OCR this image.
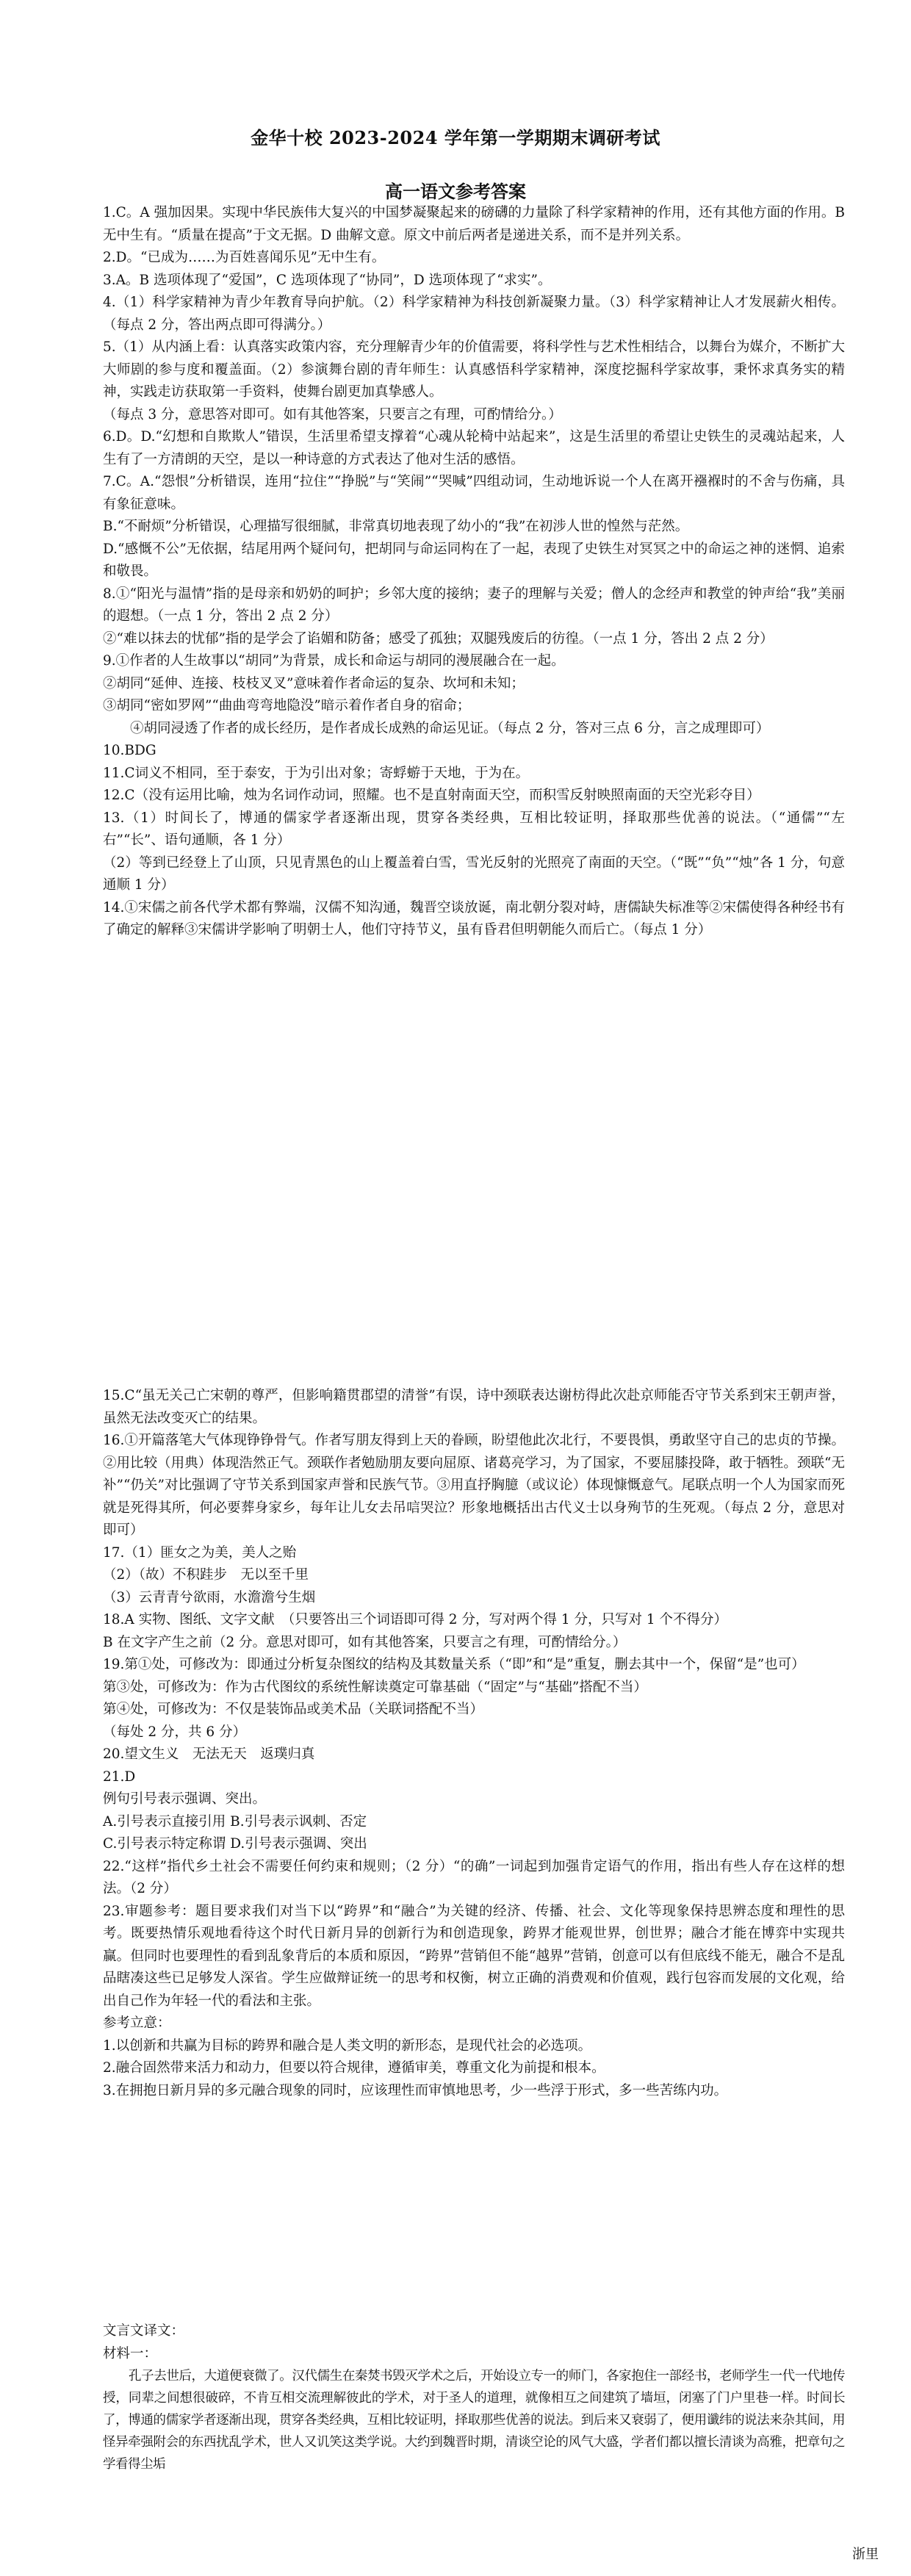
金华十校 2023-2024 学年第一学期期末调研考试

高一语文参考答案

1.C。A 强加因果。实现中华民族伟大复兴的中国梦凝聚起来的磅礴的力量除了科学家精神的作用，还有其他方面的作用。B 无中生有。“质量在提高”于文无据。D 曲解文意。原文中前后两者是递进关系，而不是并列关系。

2.D。“已成为……为百姓喜闻乐见”无中生有。

3.A。B 选项体现了“爱国”，C 选项体现了“协同”，D 选项体现了“求实”。

4.（1）科学家精神为青少年教育导向护航。（2）科学家精神为科技创新凝聚力量。（3）科学家精神让人才发展薪火相传。（每点 2 分，答出两点即可得满分。）

5.（1）从内涵上看：认真落实政策内容，充分理解青少年的价值需要，将科学性与艺术性相结合，以舞台为媒介，不断扩大大师剧的参与度和覆盖面。（2）参演舞台剧的青年师生：认真感悟科学家精神，深度挖掘科学家故事，秉怀求真务实的精神，实践走访获取第一手资料，使舞台剧更加真挚感人。

（每点 3 分，意思答对即可。如有其他答案，只要言之有理，可酌情给分。）

6.D。D.“幻想和自欺欺人”错误，生活里希望支撑着“心魂从轮椅中站起来”，这是生活里的希望让史铁生的灵魂站起来，人生有了一方清朗的天空，是以一种诗意的方式表达了他对生活的感悟。

7.C。A.“怨恨”分析错误，连用“拉住”“挣脱”与“笑闹”“哭喊”四组动词，生动地诉说一个人在离开襁褓时的不舍与伤痛，具有象征意味。

B.“不耐烦”分析错误，心理描写很细腻，非常真切地表现了幼小的“我”在初涉人世的惶然与茫然。

D.“感慨不公”无依据，结尾用两个疑问句，把胡同与命运同构在了一起，表现了史铁生对冥冥之中的命运之神的迷惘、追索和敬畏。

8.①“阳光与温情”指的是母亲和奶奶的呵护；乡邻大度的接纳；妻子的理解与关爱；僧人的念经声和教堂的钟声给“我”美丽的遐想。（一点 1 分，答出 2 点 2 分）

②“难以抹去的忧郁”指的是学会了谄媚和防备；感受了孤独；双腿残废后的彷徨。（一点 1 分，答出 2 点 2 分）

9.①作者的人生故事以“胡同”为背景，成长和命运与胡同的漫展融合在一起。

②胡同“延伸、连接、枝枝叉叉”意味着作者命运的复杂、坎坷和未知；

③胡同“密如罗网”“曲曲弯弯地隐没”暗示着作者自身的宿命；

④胡同浸透了作者的成长经历，是作者成长成熟的命运见证。（每点 2 分，答对三点 6 分，言之成理即可）

10.BDG

11.C词义不相同，至于泰安，于为引出对象；寄蜉蝣于天地，于为在。

12.C（没有运用比喻，烛为名词作动词，照耀。也不是直射南面天空，而积雪反射映照南面的天空光彩夺目）

13.（1）时间长了，博通的儒家学者逐渐出现，贯穿各类经典，互相比较证明，择取那些优善的说法。（“通儒”“左右”“长”、语句通顺，各 1 分）

（2）等到已经登上了山顶，只见青黑色的山上覆盖着白雪，雪光反射的光照亮了南面的天空。（“既”“负”“烛”各 1 分，句意通顺 1 分）

14.①宋儒之前各代学术都有弊端，汉儒不知沟通，魏晋空谈放诞，南北朝分裂对峙，唐儒缺失标准等②宋儒使得各种经书有了确定的解释③宋儒讲学影响了明朝士人，他们守持节义，虽有昏君但明朝能久而后亡。（每点 1 分）

15.C“虽无关己亡宋朝的尊严，但影响籍贯郡望的清誉”有误，诗中颈联表达谢枋得此次赴京师能否守节关系到宋王朝声誉，虽然无法改变灭亡的结果。

16.①开篇落笔大气体现铮铮骨气。作者写朋友得到上天的眷顾，盼望他此次北行，不要畏惧，勇敢坚守自己的忠贞的节操。②用比较（用典）体现浩然正气。颈联作者勉励朋友要向屈原、诸葛亮学习，为了国家，不要屈膝投降，敢于牺牲。颈联“无补”“仍关”对比强调了守节关系到国家声誉和民族气节。③用直抒胸臆（或议论）体现慷慨意气。尾联点明一个人为国家而死就是死得其所，何必要葬身家乡，每年让儿女去吊唁哭泣？形象地概括出古代义士以身殉节的生死观。（每点 2 分，意思对即可）

17.（1）匪女之为美，美人之贻

（2）（故）不积跬步　无以至千里

（3）云青青兮欲雨，水澹澹兮生烟

18.A 实物、图纸、文字文献　（只要答出三个词语即可得 2 分，写对两个得 1 分，只写对 1 个不得分）

B 在文字产生之前（2 分。意思对即可，如有其他答案，只要言之有理，可酌情给分。）

19.第①处，可修改为：即通过分析复杂图纹的结构及其数量关系（“即”和“是”重复，删去其中一个，保留“是”也可）

第③处，可修改为：作为古代图纹的系统性解读奠定可靠基础（“固定”与“基础”搭配不当）

第④处，可修改为：不仅是装饰品或美术品（关联词搭配不当）

（每处 2 分，共 6 分）

20.望文生义　无法无天　返璞归真

21.D

例句引号表示强调、突出。

A.引号表示直接引用 B.引号表示讽刺、否定

C.引号表示特定称谓 D.引号表示强调、突出

22.“这样”指代乡土社会不需要任何约束和规则；（2 分）“的确”一词起到加强肯定语气的作用，指出有些人存在这样的想法。（2 分）

23.审题参考：题目要求我们对当下以“跨界”和“融合”为关键的经济、传播、社会、文化等现象保持思辨态度和理性的思考。既要热情乐观地看待这个时代日新月异的创新行为和创造现象，跨界才能观世界，创世界；融合才能在博弈中实现共赢。但同时也要理性的看到乱象背后的本质和原因，“跨界”营销但不能“越界”营销，创意可以有但底线不能无，融合不是乱品瞎凑这些已足够发人深省。学生应做辩证统一的思考和权衡，树立正确的消费观和价值观，践行包容而发展的文化观，给出自己作为年轻一代的看法和主张。

参考立意：

1.以创新和共赢为目标的跨界和融合是人类文明的新形态，是现代社会的必选项。

2.融合固然带来活力和动力，但要以符合规律，遵循审美，尊重文化为前提和根本。

3.在拥抱日新月异的多元融合现象的同时，应该理性而审慎地思考，少一些浮于形式，多一些苦练内功。

文言文译文：

材料一：

孔子去世后，大道便衰微了。汉代儒生在秦焚书毁灭学术之后，开始设立专一的师门，各家抱住一部经书，老师学生一代一代地传授，同辈之间想很破碎，不肯互相交流理解彼此的学术，对于圣人的道理，就像相互之间建筑了墙垣，闭塞了门户里巷一样。时间长了，博通的儒家学者逐渐出现，贯穿各类经典，互相比较证明，择取那些优善的说法。到后来又衰弱了，便用谶纬的说法来杂其间，用怪异牵强附会的东西扰乱学术，世人又讥笑这类学说。大约到魏晋时期，清谈空论的风气大盛，学者们都以擅长清谈为高雅，把章句之学看得尘垢

浙里
